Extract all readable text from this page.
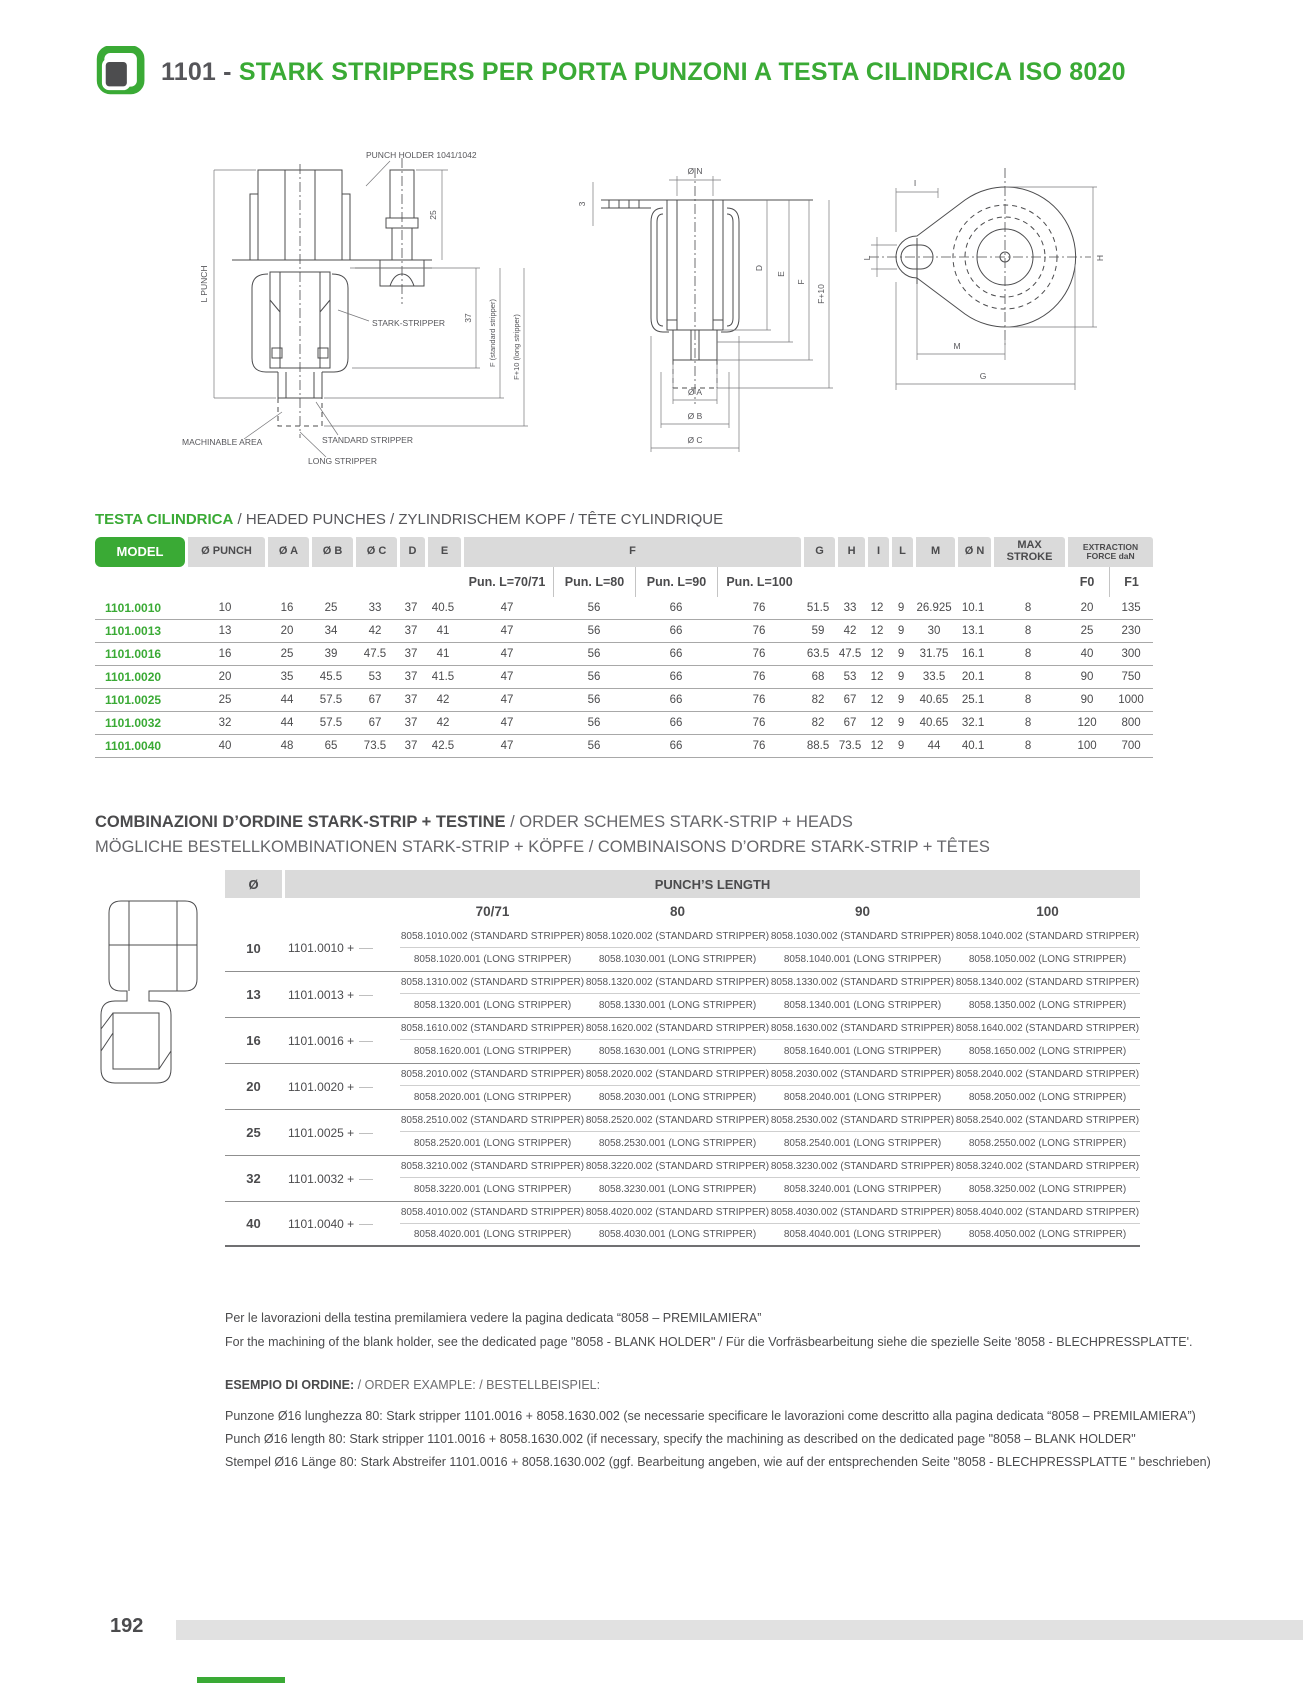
1101 - STARK STRIPPERS PER PORTA PUNZONI A TESTA CILINDRICA ISO 8020
L PUNCH
25
37 F (standard stripper) F+10 (long stripper)
PUNCH HOLDER 1041/1042
STARK-STRIPPER
MACHINABLE AREA	STANDARD STRIPPER
LONG STRIPPER
3
Ø N
D
E
F
F+10
Ø A
Ø B
Ø C
I
L	H
M
G
TESTA CILINDRICA / HEADED PUNCHES / ZYLINDRISCHEM KOPF / TÊTE CYLINDRIQUE
MODEL	Ø PUNCH	Ø A	Ø B	Ø C	D	E	F				G	H	I	L	M	Ø N	MAX STROKE	EXTRACTION FORCE daN	
							Pun. L=70/71	Pun. L=80	Pun. L=90	Pun. L=100								F0	F1
1101.0010	10	16	25	33	37	40.5	47	56	66	76	51.5	33	12	9	26.925	10.1	8	20	135
1101.0013	13	20	34	42	37	41	47	56	66	76	59	42	12	9	30	13.1	8	25	230
1101.0016	16	25	39	47.5	37	41	47	56	66	76	63.5	47.5	12	9	31.75	16.1	8	40	300
1101.0020	20	35	45.5	53	37	41.5	47	56	66	76	68	53	12	9	33.5	20.1	8	90	750
1101.0025	25	44	57.5	67	37	42	47	56	66	76	82	67	12	9	40.65	25.1	8	90	1000
1101.0032	32	44	57.5	67	37	42	47	56	66	76	82	67	12	9	40.65	32.1	8	120	800
1101.0040	40	48	65	73.5	37	42.5	47	56	66	76	88.5	73.5	12	9	44	40.1	8	100	700
COMBINAZIONI D’ORDINE STARK-STRIP + TESTINE / ORDER SCHEMES STARK-STRIP + HEADS
MÖGLICHE BESTELLKOMBINATIONEN STARK-STRIP + KÖPFE / COMBINAISONS D’ORDRE STARK-STRIP + TÊTES
Ø	PUNCH’S LENGTH				
		70/71	80	90	100
10	1101.0010 +	8058.1010.002 (STANDARD STRIPPER)	8058.1020.002 (STANDARD STRIPPER)	8058.1030.002 (STANDARD STRIPPER)	8058.1040.002 (STANDARD STRIPPER)
		8058.1020.001 (LONG STRIPPER)	8058.1030.001 (LONG STRIPPER)	8058.1040.001 (LONG STRIPPER)	8058.1050.002 (LONG STRIPPER)
13	1101.0013 +	8058.1310.002 (STANDARD STRIPPER)	8058.1320.002 (STANDARD STRIPPER)	8058.1330.002 (STANDARD STRIPPER)	8058.1340.002 (STANDARD STRIPPER)
		8058.1320.001 (LONG STRIPPER)	8058.1330.001 (LONG STRIPPER)	8058.1340.001 (LONG STRIPPER)	8058.1350.002 (LONG STRIPPER)
16	1101.0016 +	8058.1610.002 (STANDARD STRIPPER)	8058.1620.002 (STANDARD STRIPPER)	8058.1630.002 (STANDARD STRIPPER)	8058.1640.002 (STANDARD STRIPPER)
		8058.1620.001 (LONG STRIPPER)	8058.1630.001 (LONG STRIPPER)	8058.1640.001 (LONG STRIPPER)	8058.1650.002 (LONG STRIPPER)
20	1101.0020 +	8058.2010.002 (STANDARD STRIPPER)	8058.2020.002 (STANDARD STRIPPER)	8058.2030.002 (STANDARD STRIPPER)	8058.2040.002 (STANDARD STRIPPER)
		8058.2020.001 (LONG STRIPPER)	8058.2030.001 (LONG STRIPPER)	8058.2040.001 (LONG STRIPPER)	8058.2050.002 (LONG STRIPPER)
25	1101.0025 +	8058.2510.002 (STANDARD STRIPPER)	8058.2520.002 (STANDARD STRIPPER)	8058.2530.002 (STANDARD STRIPPER)	8058.2540.002 (STANDARD STRIPPER)
		8058.2520.001 (LONG STRIPPER)	8058.2530.001 (LONG STRIPPER)	8058.2540.001 (LONG STRIPPER)	8058.2550.002 (LONG STRIPPER)
32	1101.0032 +	8058.3210.002 (STANDARD STRIPPER)	8058.3220.002 (STANDARD STRIPPER)	8058.3230.002 (STANDARD STRIPPER)	8058.3240.002 (STANDARD STRIPPER)
		8058.3220.001 (LONG STRIPPER)	8058.3230.001 (LONG STRIPPER)	8058.3240.001 (LONG STRIPPER)	8058.3250.002 (LONG STRIPPER)
40	1101.0040 +	8058.4010.002 (STANDARD STRIPPER)	8058.4020.002 (STANDARD STRIPPER)	8058.4030.002 (STANDARD STRIPPER)	8058.4040.002 (STANDARD STRIPPER)
		8058.4020.001 (LONG STRIPPER)	8058.4030.001 (LONG STRIPPER)	8058.4040.001 (LONG STRIPPER)	8058.4050.002 (LONG STRIPPER)

Per le lavorazioni della testina premilamiera vedere la pagina dedicata “8058 – PREMILAMIERA”

For the machining of the blank holder, see the dedicated page "8058 - BLANK HOLDER" / Für die Vorfräsbearbeitung siehe die spezielle Seite '8058 - BLECHPRESSPLATTE'.

ESEMPIO DI ORDINE: / ORDER EXAMPLE: / BESTELLBEISPIEL:

Punzone Ø16 lunghezza 80: Stark stripper 1101.0016 + 8058.1630.002 (se necessarie specificare le lavorazioni come descritto alla pagina dedicata “8058 – PREMILAMIERA”)

Punch Ø16 length 80: Stark stripper 1101.0016 + 8058.1630.002 (if necessary, specify the machining as described on the dedicated page "8058 – BLANK HOLDER"

Stempel Ø16 Länge 80: Stark Abstreifer 1101.0016 + 8058.1630.002 (ggf. Bearbeitung angeben, wie auf der entsprechenden Seite "8058 - BLECHPRESSPLATTE " beschrieben)

192
